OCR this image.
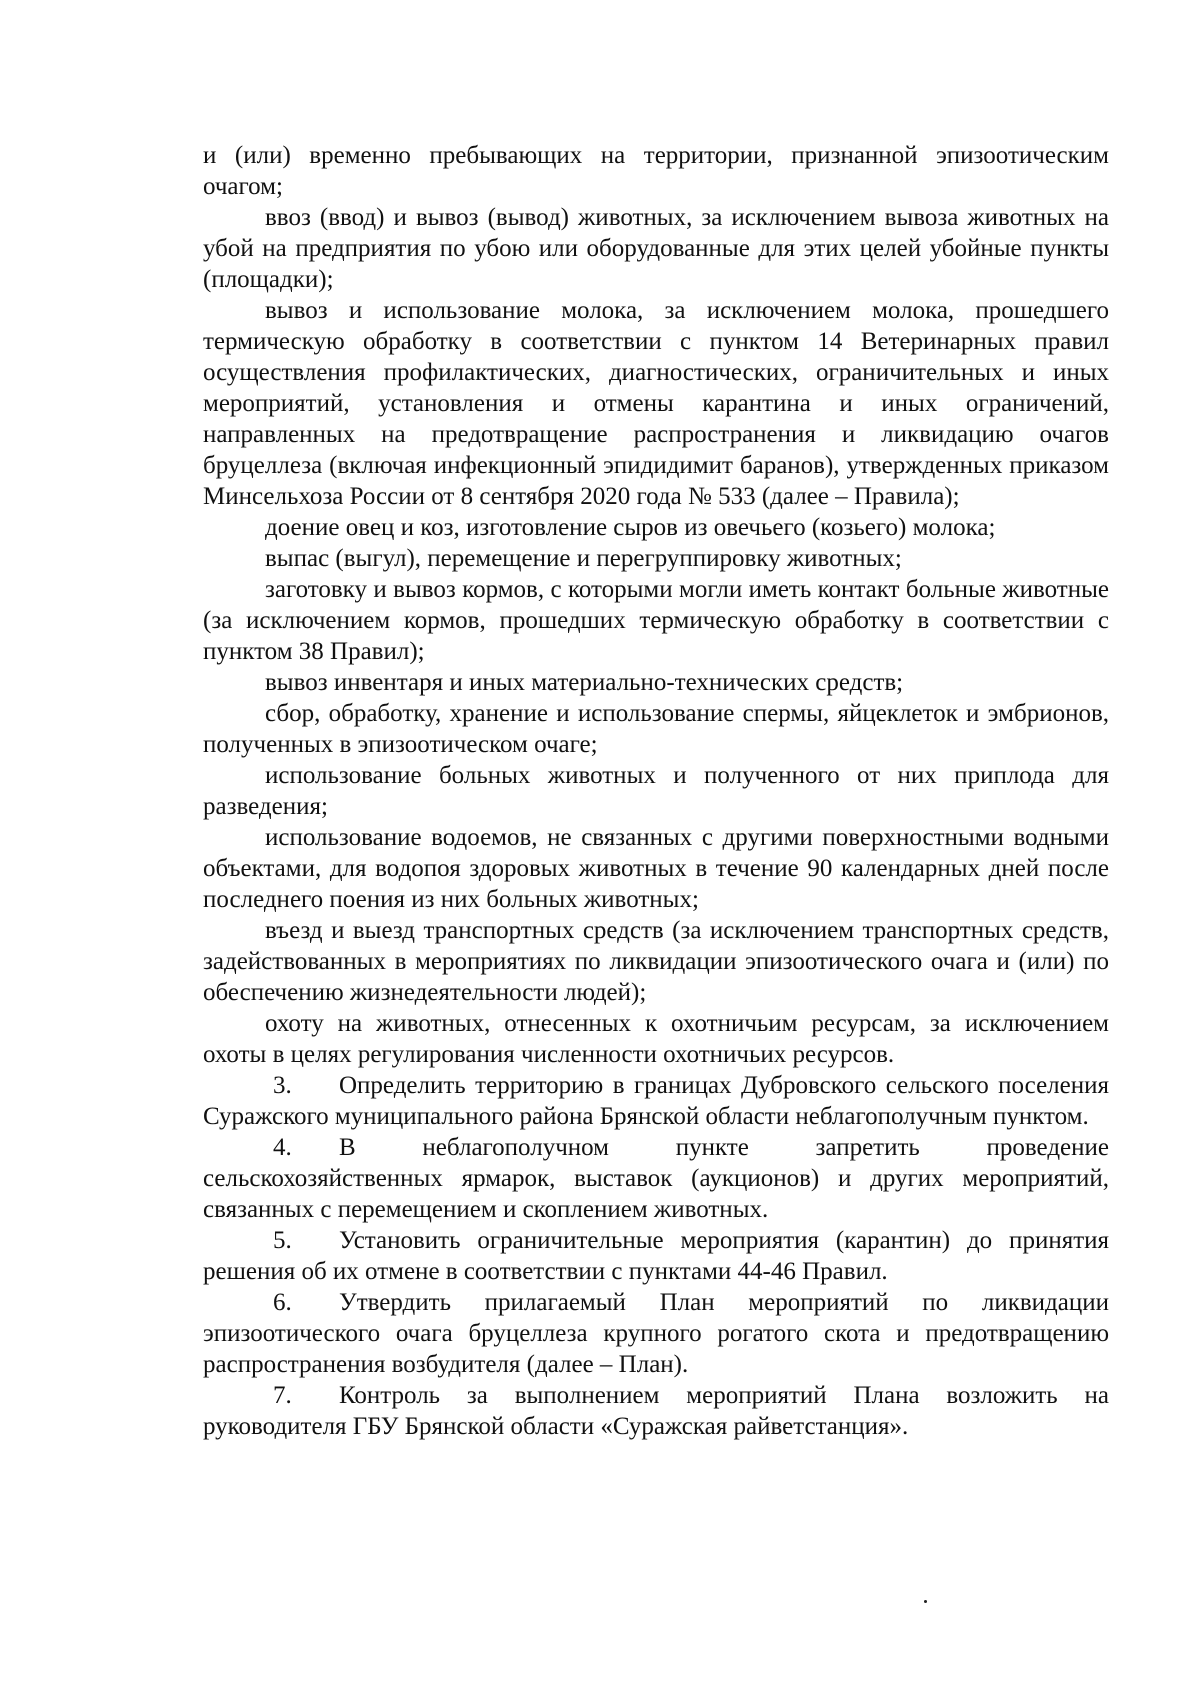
и (или) временно пребывающих на территории, признанной эпизоотическим очагом;

ввоз (ввод) и вывоз (вывод) животных, за исключением вывоза животных на убой на предприятия по убою или оборудованные для этих целей убойные пункты (площадки);

вывоз и использование молока, за исключением молока, прошедшего термическую обработку в соответствии с пунктом 14 Ветеринарных правил осуществления профилактических, диагностических, ограничительных и иных мероприятий, установления и отмены карантина и иных ограничений, направленных на предотвращение распространения и ликвидацию очагов бруцеллеза (включая инфекционный эпидидимит баранов), утвержденных приказом Минсельхоза России от 8 сентября 2020 года № 533 (далее – Правила);

доение овец и коз, изготовление сыров из овечьего (козьего) молока;

выпас (выгул), перемещение и перегруппировку животных;

заготовку и вывоз кормов, с которыми могли иметь контакт больные животные (за исключением кормов, прошедших термическую обработку в соответствии с пунктом 38 Правил);

вывоз инвентаря и иных материально-технических средств;

сбор, обработку, хранение и использование спермы, яйцеклеток и эмбрионов, полученных в эпизоотическом очаге;

использование больных животных и полученного от них приплода для разведения;

использование водоемов, не связанных с другими поверхностными водными объектами, для водопоя здоровых животных в течение 90 календарных дней после последнего поения из них больных животных;

въезд и выезд транспортных средств (за исключением транспортных средств, задействованных в мероприятиях по ликвидации эпизоотического очага и (или) по обеспечению жизнедеятельности людей);

охоту на животных, отнесенных к охотничьим ресурсам, за исключением охоты в целях регулирования численности охотничьих ресурсов.

3. Определить территорию в границах Дубровского сельского поселения Суражского муниципального района Брянской области неблагополучным пунктом.

4. В неблагополучном пункте запретить проведение сельскохозяйственных ярмарок, выставок (аукционов) и других мероприятий, связанных с перемещением и скоплением животных.

5. Установить ограничительные мероприятия (карантин) до принятия решения об их отмене в соответствии с пунктами 44-46 Правил.

6. Утвердить прилагаемый План мероприятий по ликвидации эпизоотического очага бруцеллеза крупного рогатого скота и предотвращению распространения возбудителя (далее – План).

7. Контроль за выполнением мероприятий Плана возложить на руководителя ГБУ Брянской области «Суражская райветстанция».
